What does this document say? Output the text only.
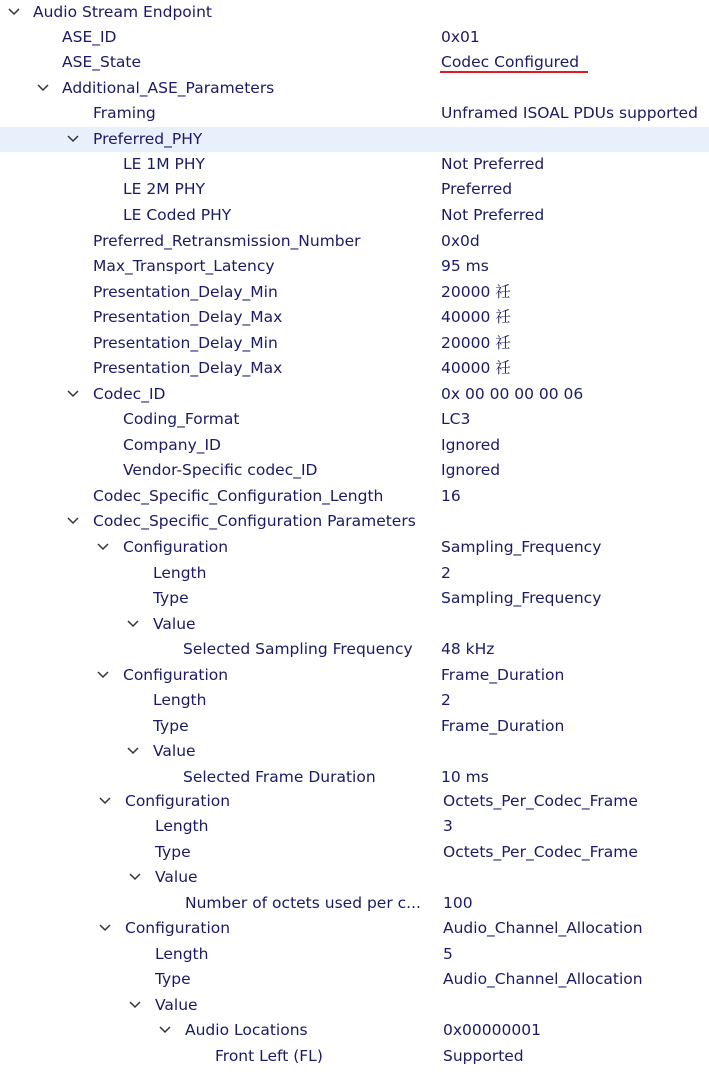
Audio Stream Endpoint
ASE_ID	0x01
ASE_State	Codec Configured
Additional_ASE_Parameters
Framing	Unframed ISOAL PDUs supported
Preferred_PHY
LE 1M PHY	Not Preferred
LE 2M PHY	Preferred
LE Coded PHY	Not Preferred
Preferred_Retransmission_Number	0x0d
Max_Transport_Latency	95 ms
Presentation_Delay_Min	20000 祍
Presentation_Delay_Max	40000 祍
Presentation_Delay_Min	20000 祍
Presentation_Delay_Max	40000 祍
Codec_ID	0x 00 00 00 00 06
Coding_Format	LC3
Company_ID	Ignored
Vendor-Specific codec_ID	Ignored
Codec_Specific_Configuration_Length	16
Codec_Specific_Configuration Parameters
Configuration	Sampling_Frequency
Length	2
Type	Sampling_Frequency
Value
Selected Sampling Frequency 48 kHz
Configuration	Frame_Duration
Length	2
Type	Frame_Duration
Value
Selected Frame Duration	10 ms
Configuration	Octets_Per_Codec_Frame
Length	3
Type	Octets_Per_Codec_Frame
Value
Number of octets used per c...	100
Configuration	Audio_Channel_Allocation
Length	5
Type	Audio_Channel_Allocation
Value
Audio Locations	0x00000001
Front Left (FL)	Supported
